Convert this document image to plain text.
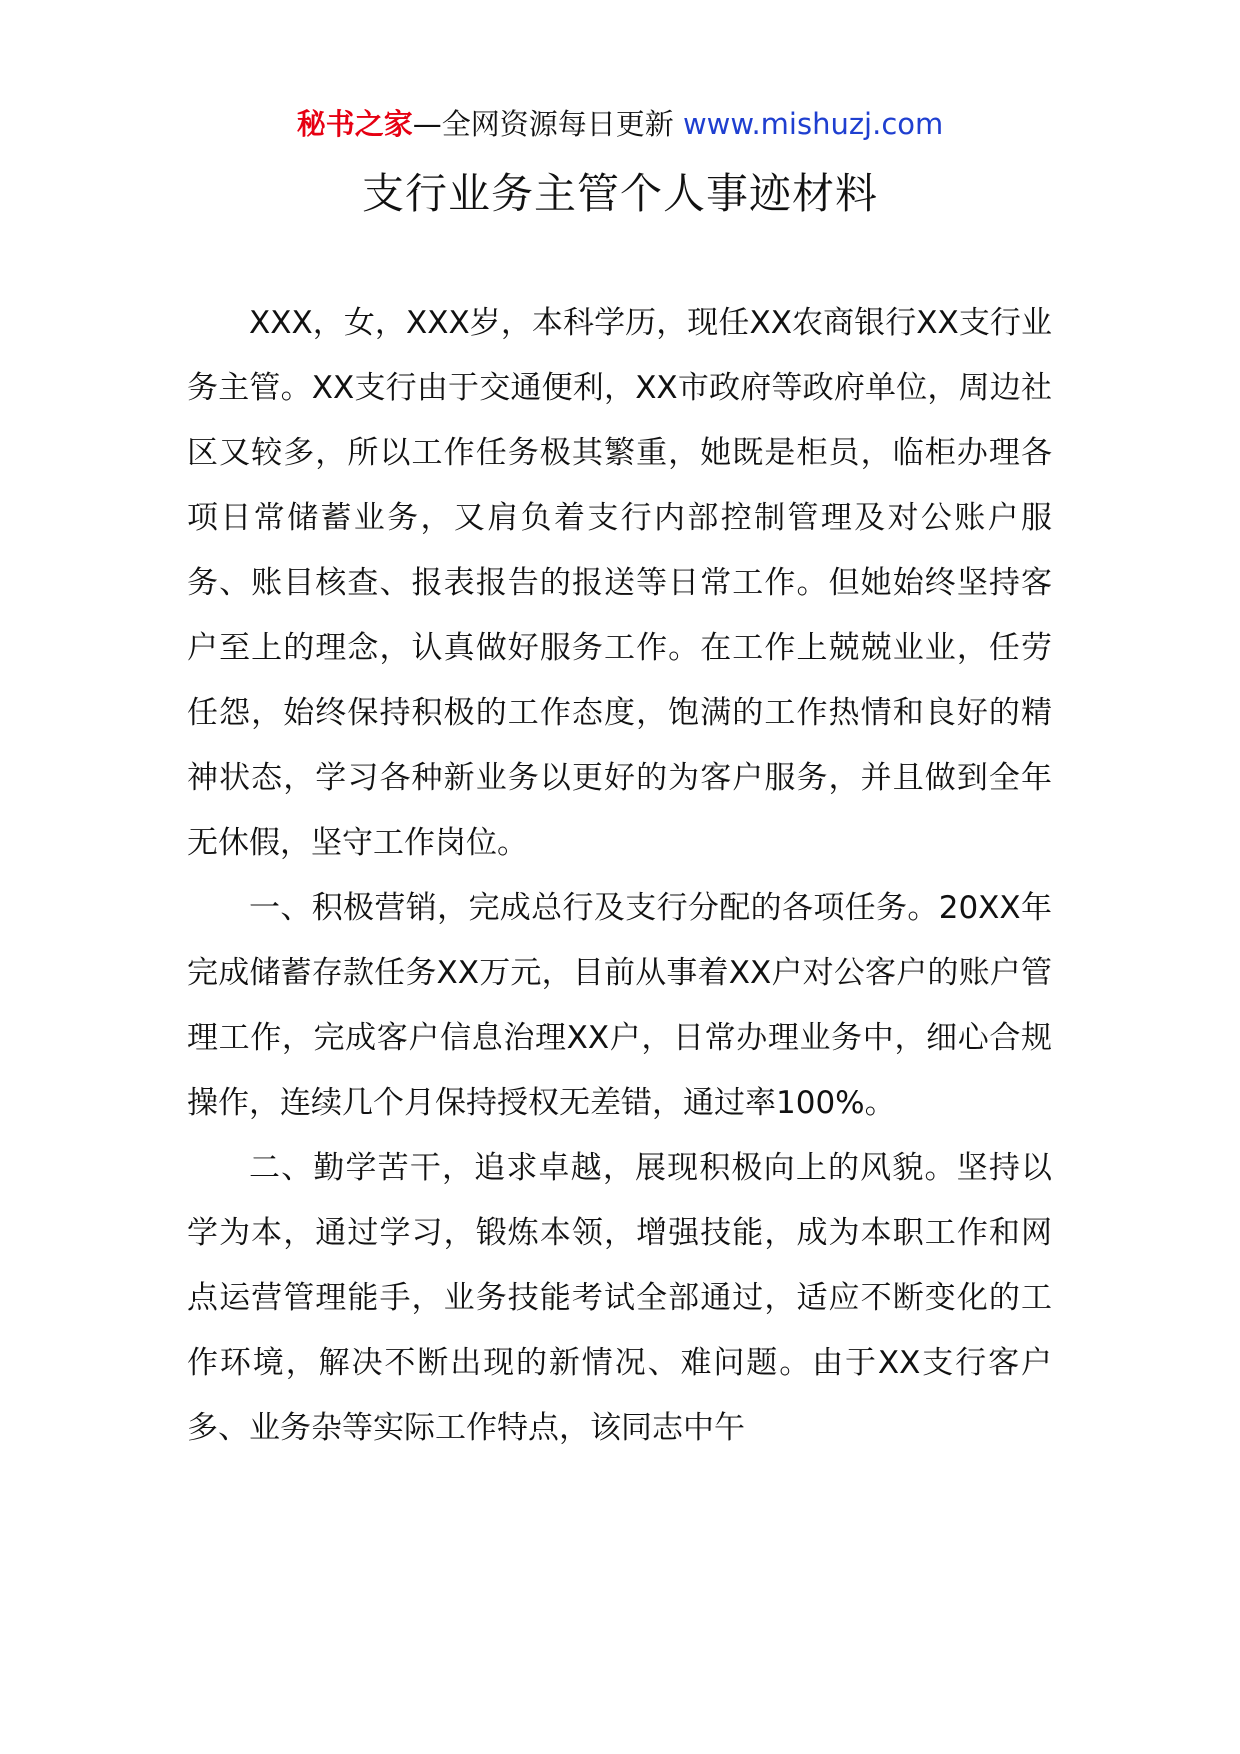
秘书之家—全网资源每日更新 www.mishuzj.com
支行业务主管个人事迹材料

XXX，女，XXX岁，本科学历，现任XX农商银行XX支行业务主管。XX支行由于交通便利，XX市政府等政府单位，周边社区又较多，所以工作任务极其繁重，她既是柜员，临柜办理各项日常储蓄业务，又肩负着支行内部控制管理及对公账户服务、账目核查、报表报告的报送等日常工作。但她始终坚持客户至上的理念，认真做好服务工作。在工作上兢兢业业，任劳任怨，始终保持积极的工作态度，饱满的工作热情和良好的精神状态，学习各种新业务以更好的为客户服务，并且做到全年无休假，坚守工作岗位。

一、积极营销，完成总行及支行分配的各项任务。20XX年完成储蓄存款任务XX万元，目前从事着XX户对公客户的账户管理工作，完成客户信息治理XX户，日常办理业务中，细心合规操作，连续几个月保持授权无差错，通过率100%。

二、勤学苦干，追求卓越，展现积极向上的风貌。坚持以学为本，通过学习，锻炼本领，增强技能，成为本职工作和网点运营管理能手，业务技能考试全部通过，适应不断变化的工作环境，解决不断出现的新情况、难问题。由于XX支行客户多、业务杂等实际工作特点，该同志中午
